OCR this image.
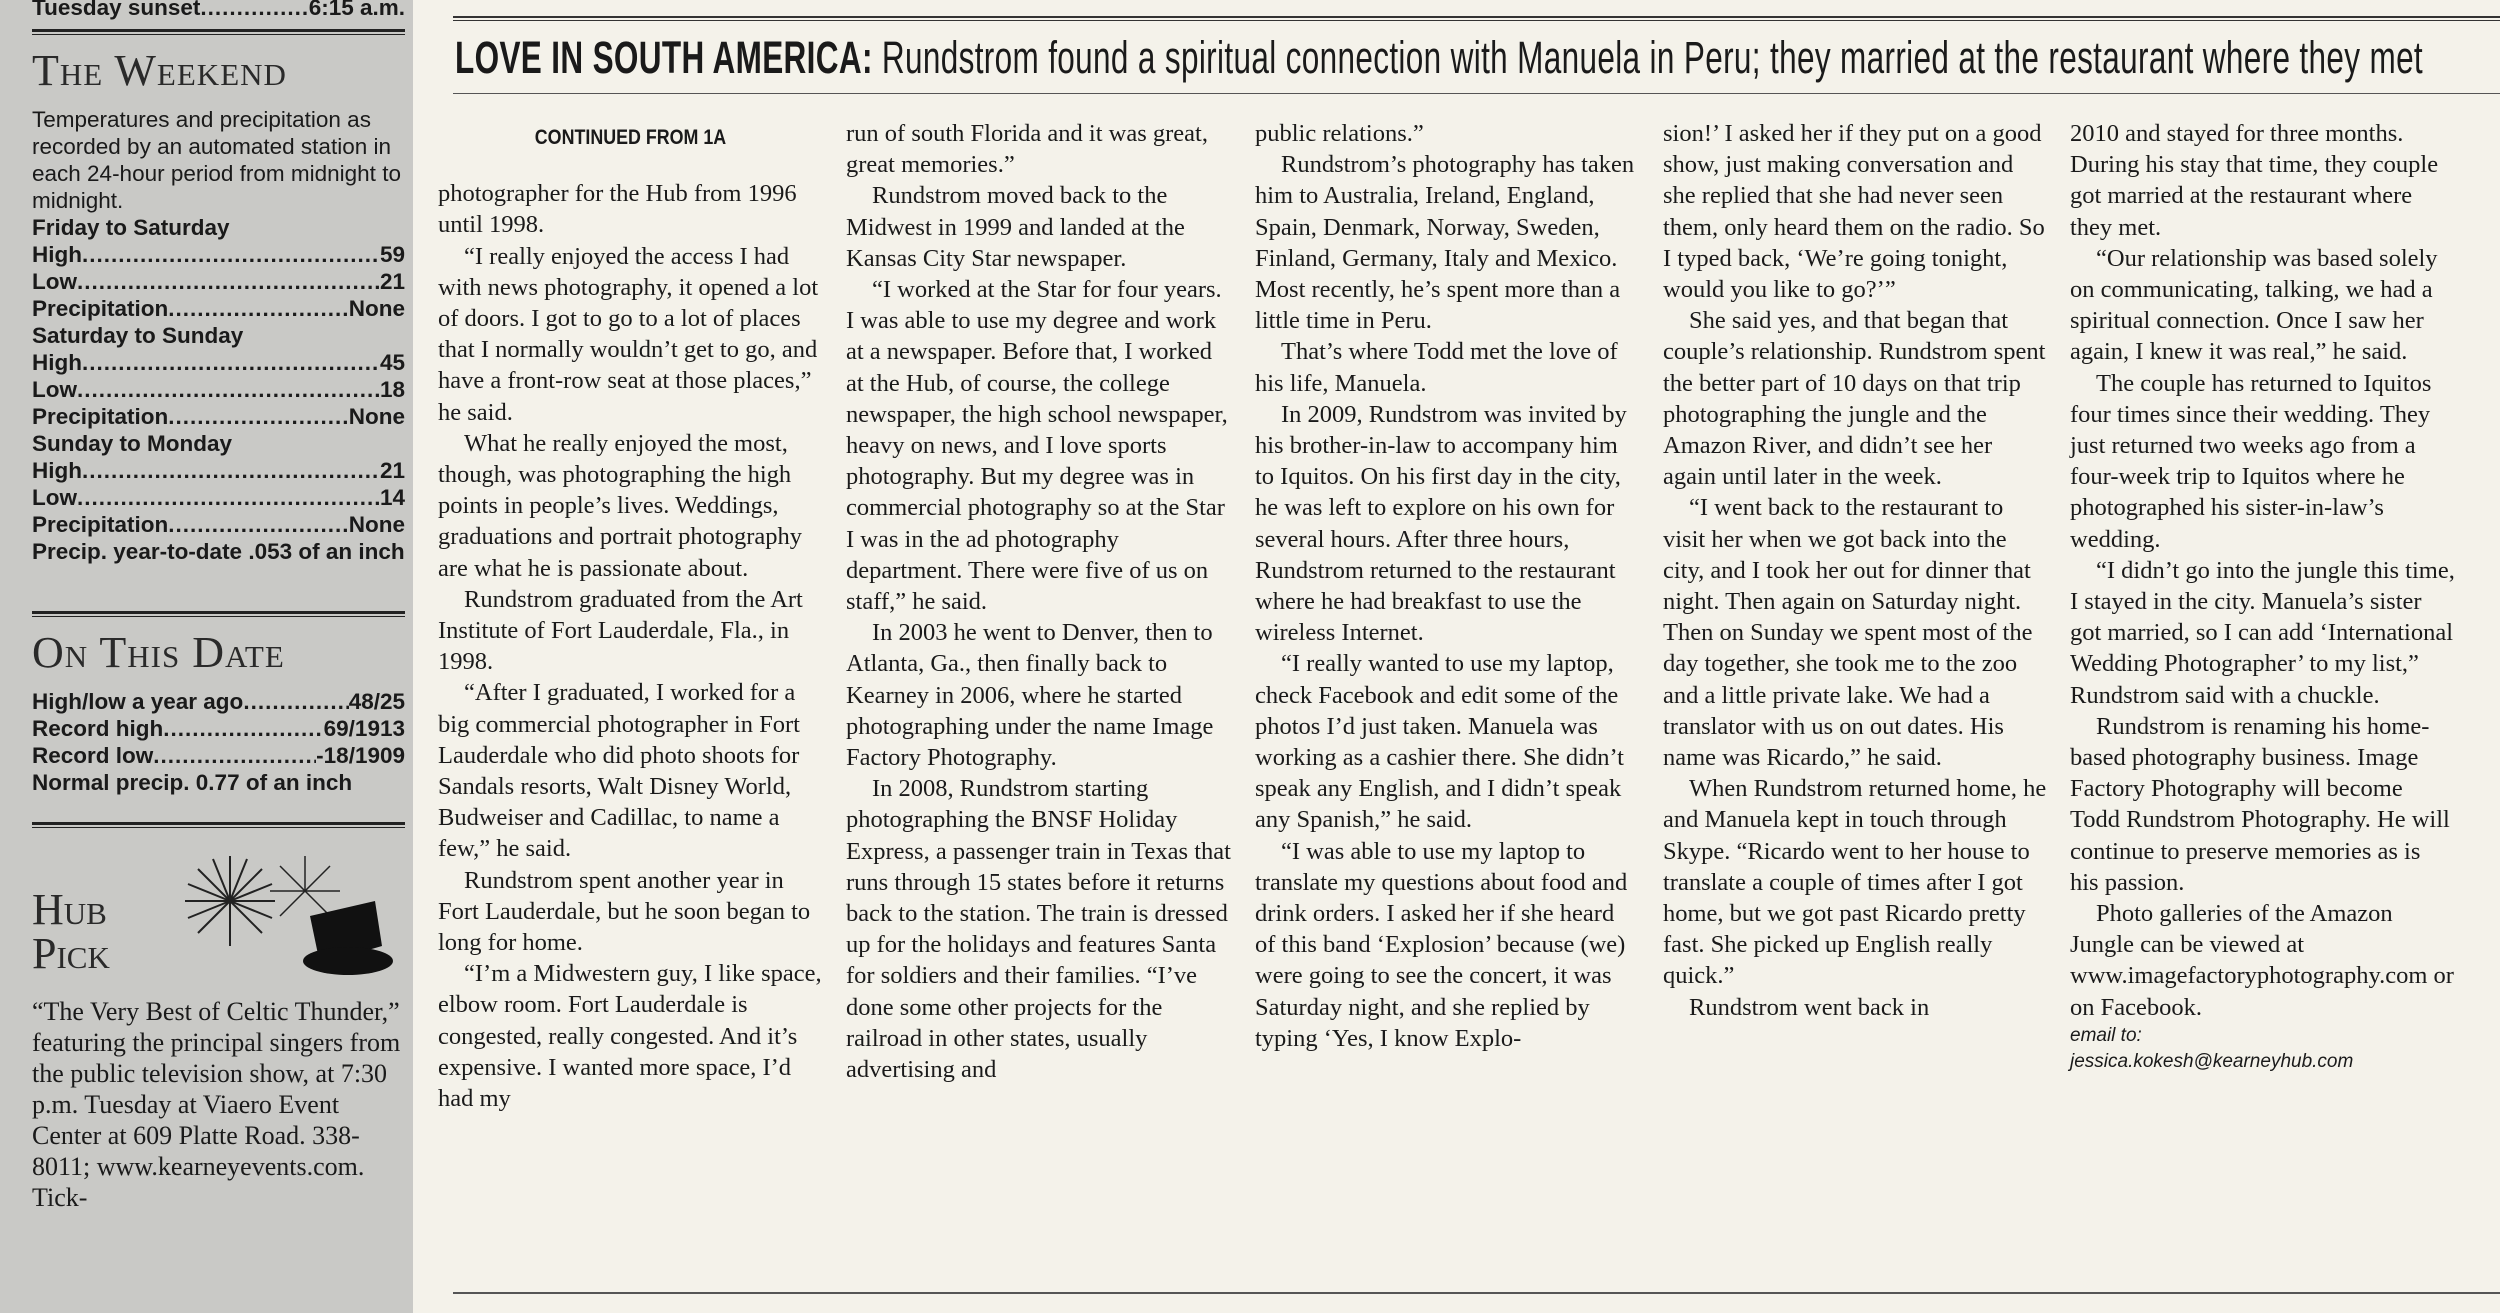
Tuesday sunset .....	6:15 a.m.
The Weekend
Temperatures and precipitation as recorded by an automated station in each 24-hour period from midnight to midnight.
Friday to Saturday
High .....	59
Low .....	21
Precipitation .....	None
Saturday to Sunday
High .....	45
Low .....	18
Precipitation .....	None
Sunday to Monday
High .....	21
Low .....	14
Precipitation .....	None
Precip. year-to-date .053 of an inch
On This Date
High/low a year ago .....	48/25
Record high .....	69/1913
Record low .....	-18/1909
Normal precip. 0.77 of an inch
Hub
Pick
“The Very Best of Celtic Thunder,” featuring the principal singers from the public television show, at 7:30 p.m. Tuesday at Viaero Event Center at 609 Platte Road. 338-8011; www.kearneyevents.com. Tick-
LOVE IN SOUTH AMERICA: Rundstrom found a spiritual connection with Manuela in Peru; they married at the restaurant where they met
CONTINUED FROM 1A

photographer for the Hub from 1996 until 1998.

“I really enjoyed the access I had with news photography, it opened a lot of doors. I got to go to a lot of places that I normally wouldn’t get to go, and have a front-row seat at those places,” he said.

What he really enjoyed the most, though, was photographing the high points in people’s lives. Weddings, graduations and portrait photography are what he is passionate about.

Rundstrom graduated from the Art Institute of Fort Lauderdale, Fla., in 1998.

“After I graduated, I worked for a big commercial photographer in Fort Lauderdale who did photo shoots for Sandals resorts, Walt Disney World, Budweiser and Cadillac, to name a few,” he said.

Rundstrom spent another year in Fort Lauderdale, but he soon began to long for home.

“I’m a Midwestern guy, I like space, elbow room. Fort Lauderdale is congested, really congested. And it’s expensive. I wanted more space, I’d had my

run of south Florida and it was great, great memories.”

Rundstrom moved back to the Midwest in 1999 and landed at the Kansas City Star newspaper.

“I worked at the Star for four years. I was able to use my degree and work at a newspaper. Before that, I worked at the Hub, of course, the college newspaper, the high school newspaper, heavy on news, and I love sports photography. But my degree was in commercial photography so at the Star I was in the ad photography department. There were five of us on staff,” he said.

In 2003 he went to Denver, then to Atlanta, Ga., then finally back to Kearney in 2006, where he started photographing under the name Image Factory Photography.

In 2008, Rundstrom starting photographing the BNSF Holiday Express, a passenger train in Texas that runs through 15 states before it returns back to the station. The train is dressed up for the holidays and features Santa for soldiers and their families. “I’ve done some other projects for the railroad in other states, usually advertising and

public relations.”

Rundstrom’s photography has taken him to Australia, Ireland, England, Spain, Denmark, Norway, Sweden, Finland, Germany, Italy and Mexico. Most recently, he’s spent more than a little time in Peru.

That’s where Todd met the love of his life, Manuela.

In 2009, Rundstrom was invited by his brother-in-law to accompany him to Iquitos. On his first day in the city, he was left to explore on his own for several hours. After three hours, Rundstrom returned to the restaurant where he had breakfast to use the wireless Internet.

“I really wanted to use my laptop, check Facebook and edit some of the photos I’d just taken. Manuela was working as a cashier there. She didn’t speak any English, and I didn’t speak any Spanish,” he said.

“I was able to use my laptop to translate my questions about food and drink orders. I asked her if she heard of this band ‘Explosion’ because (we) were going to see the concert, it was Saturday night, and she replied by typing ‘Yes, I know Explo-

sion!’ I asked her if they put on a good show, just making conversation and she replied that she had never seen them, only heard them on the radio. So I typed back, ‘We’re going tonight, would you like to go?’”

She said yes, and that began that couple’s relationship. Rundstrom spent the better part of 10 days on that trip photographing the jungle and the Amazon River, and didn’t see her again until later in the week.

“I went back to the restaurant to visit her when we got back into the city, and I took her out for dinner that night. Then again on Saturday night. Then on Sunday we spent most of the day together, she took me to the zoo and a little private lake. We had a translator with us on out dates. His name was Ricardo,” he said.

When Rundstrom returned home, he and Manuela kept in touch through Skype. “Ricardo went to her house to translate a couple of times after I got home, but we got past Ricardo pretty fast. She picked up English really quick.”

Rundstrom went back in

2010 and stayed for three months. During his stay that time, they couple got married at the restaurant where they met.

“Our relationship was based solely on communicating, talking, we had a spiritual connection. Once I saw her again, I knew it was real,” he said.

The couple has returned to Iquitos four times since their wedding. They just returned two weeks ago from a four-week trip to Iquitos where he photographed his sister-in-law’s wedding.

“I didn’t go into the jungle this time, I stayed in the city. Manuela’s sister got married, so I can add ‘International Wedding Photographer’ to my list,” Rundstrom said with a chuckle.

Rundstrom is renaming his home-based photography business. Image Factory Photography will become Todd Rundstrom Photography. He will continue to preserve memories as is his passion.

Photo galleries of the Amazon Jungle can be viewed at www.imagefactoryphotography.com or on Facebook.

email to:
jessica.kokesh@kearneyhub.com
